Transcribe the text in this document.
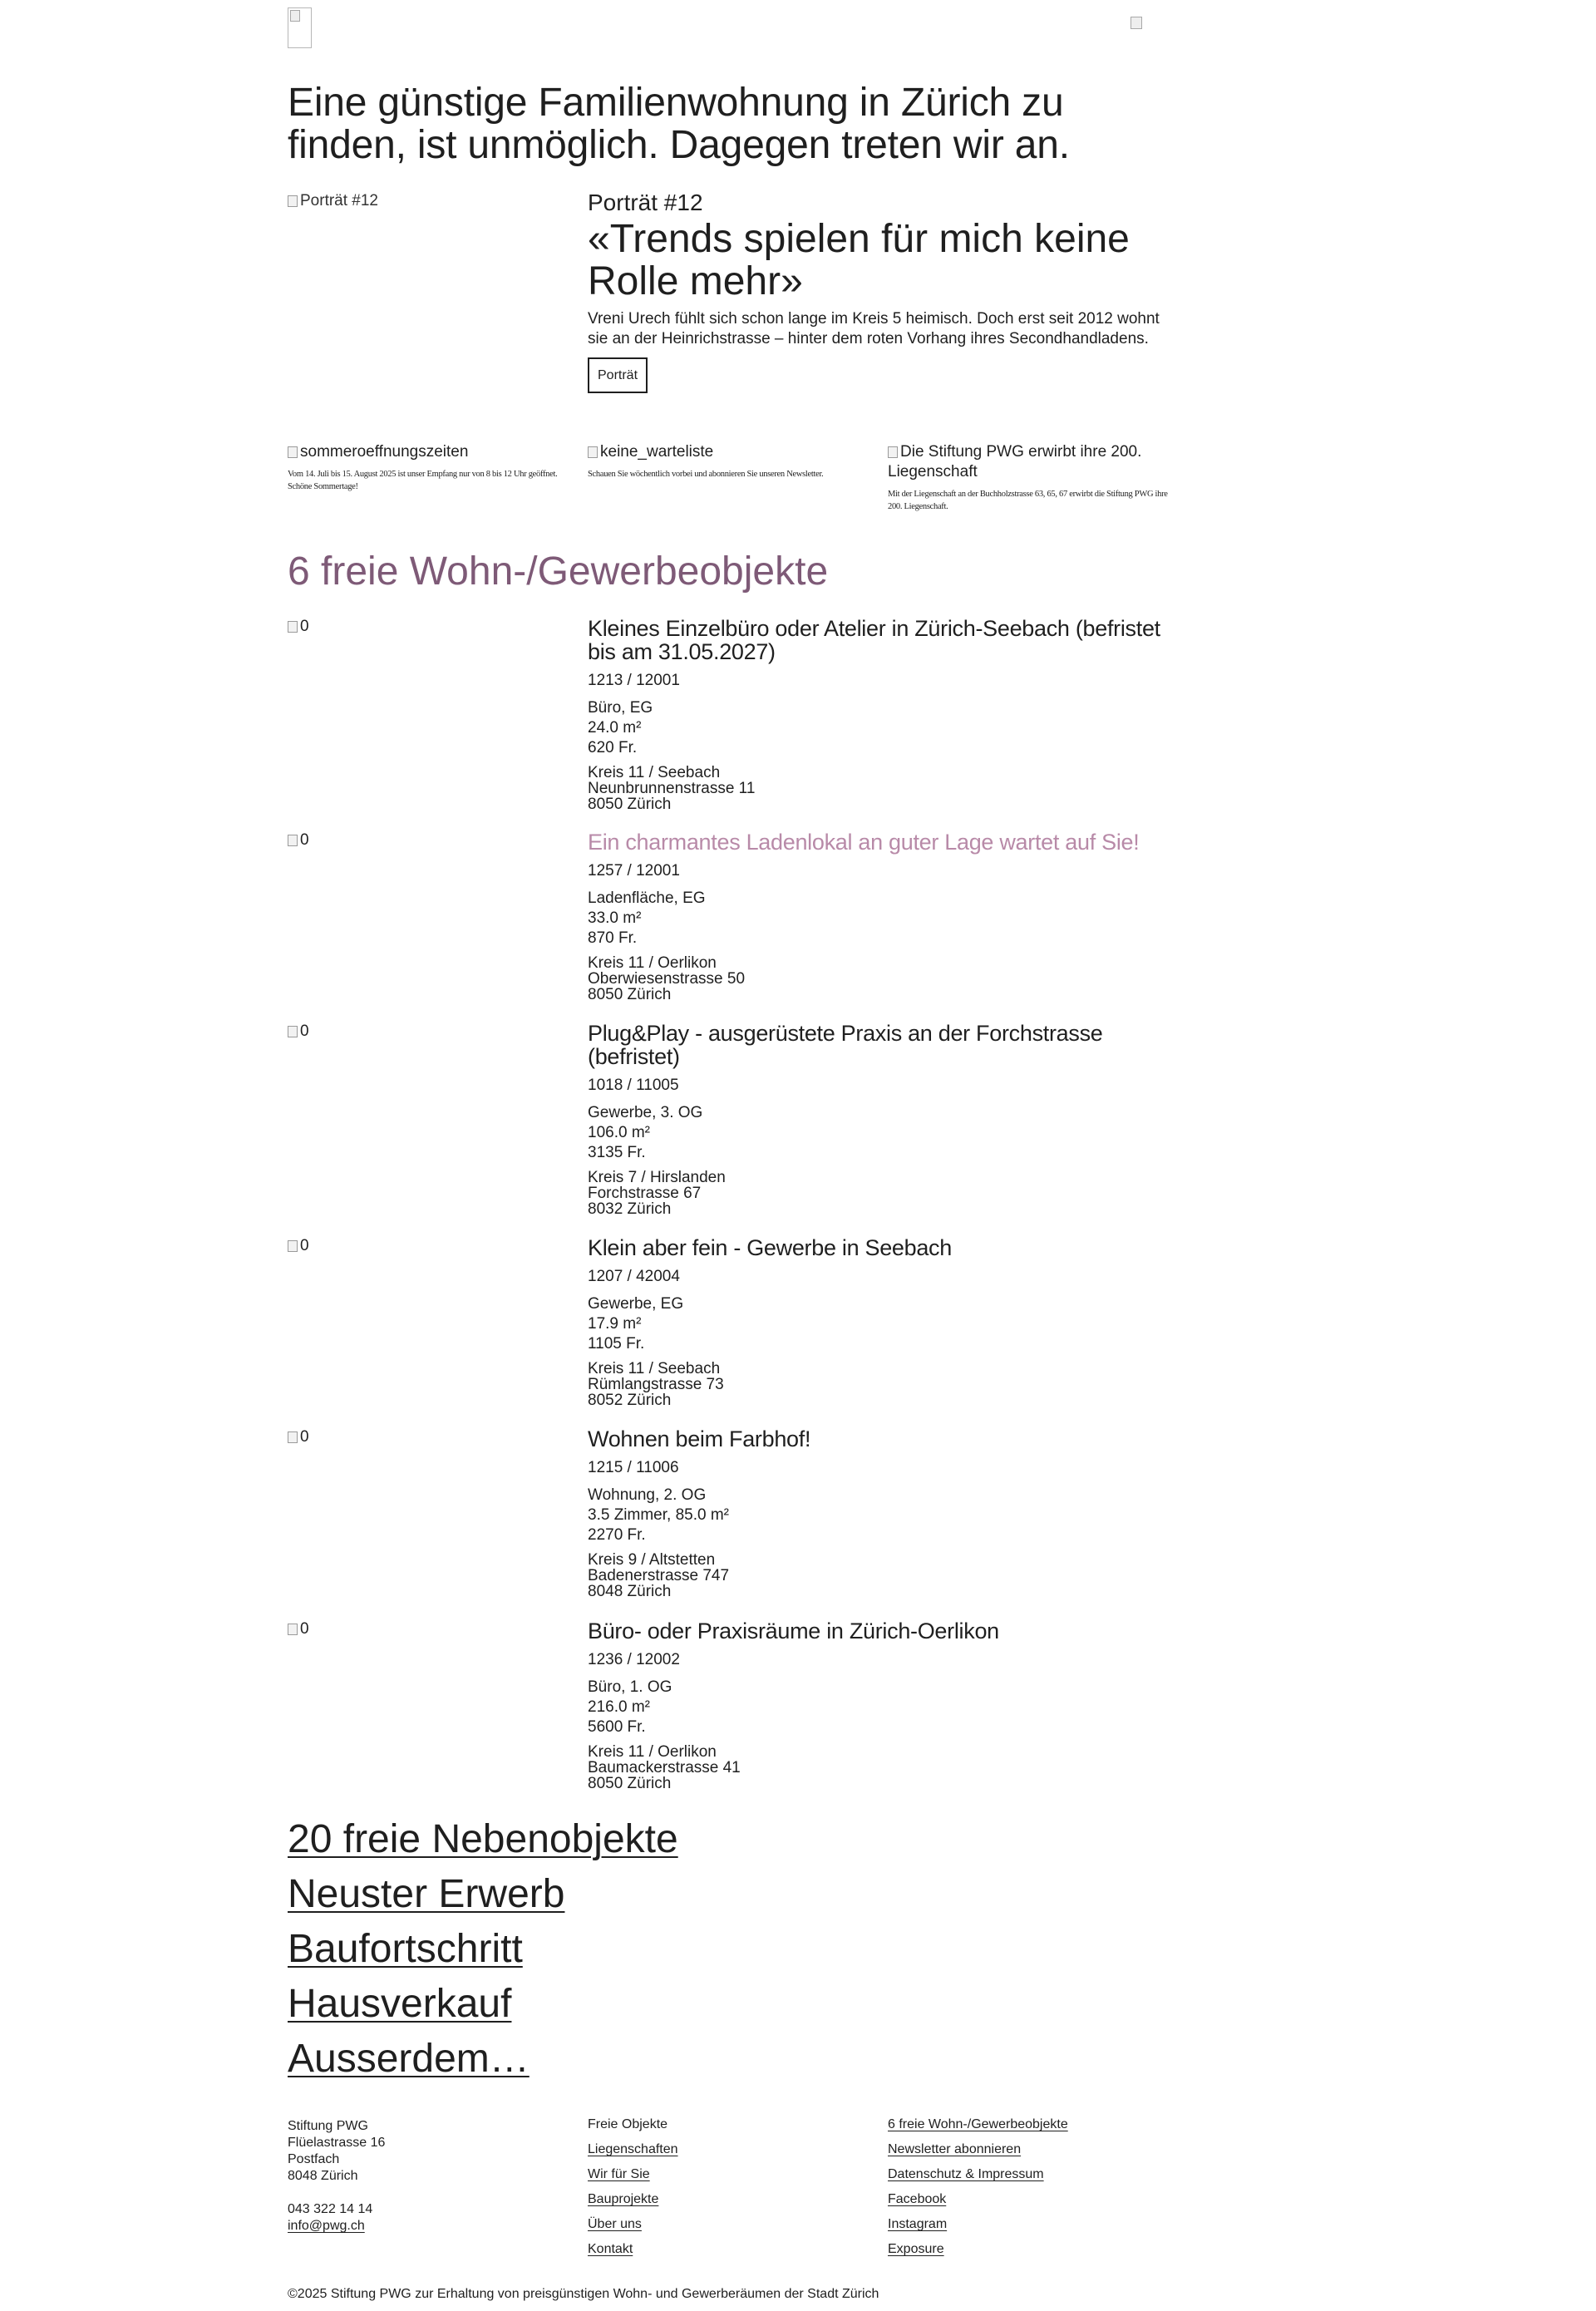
Eine günstige Familienwohnung in Zürich zu finden, ist unmöglich. Dagegen treten wir an.
Porträt #12	Porträt #12
«Trends spielen für mich keine Rolle mehr»

Vreni Urech fühlt sich schon lange im Kreis 5 heimisch. Doch erst seit 2012 wohnt sie an der Heinrichstrasse – hinter dem roten Vorhang ihres Secondhandladens.

Porträt
sommeroeffnungszeiten
Vom 14. Juli bis 15. August 2025 ist unser Empfang nur von 8 bis 12 Uhr geöffnet. Schöne Sommertage!
keine_warteliste
Schauen Sie wöchentlich vorbei und abonnieren Sie unseren Newsletter.
Die Stiftung PWG erwirbt ihre 200. Liegenschaft
Mit der Liegenschaft an der Buchholzstrasse 63, 65, 67 erwirbt die Stiftung PWG ihre 200. Liegenschaft.
6 freie Wohn-/Gewerbeobjekte
0	Kleines Einzelbüro oder Atelier in Zürich-Seebach (befristet bis am 31.05.2027)
1213 / 12001
Büro, EG
24.0 m²
620 Fr.
Kreis 11 / Seebach
Neunbrunnenstrasse 11
8050 Zürich
0	Ein charmantes Ladenlokal an guter Lage wartet auf Sie!
1257 / 12001
Ladenfläche, EG
33.0 m²
870 Fr.
Kreis 11 / Oerlikon
Oberwiesenstrasse 50
8050 Zürich
0	Plug&Play - ausgerüstete Praxis an der Forchstrasse (befristet)
1018 / 11005
Gewerbe, 3. OG
106.0 m²
3135 Fr.
Kreis 7 / Hirslanden
Forchstrasse 67
8032 Zürich
0	Klein aber fein - Gewerbe in Seebach
1207 / 42004
Gewerbe, EG
17.9 m²
1105 Fr.
Kreis 11 / Seebach
Rümlangstrasse 73
8052 Zürich
0	Wohnen beim Farbhof!
1215 / 11006
Wohnung, 2. OG
3.5 Zimmer, 85.0 m²
2270 Fr.
Kreis 9 / Altstetten
Badenerstrasse 747
8048 Zürich
0	Büro- oder Praxisräume in Zürich-Oerlikon
1236 / 12002
Büro, 1. OG
216.0 m²
5600 Fr.
Kreis 11 / Oerlikon
Baumackerstrasse 41
8050 Zürich
20 freie Nebenobjekte
Neuster Erwerb
Baufortschritt
Hausverkauf
Ausserdem…
Stiftung PWG
Flüelastrasse 16
Postfach
8048 Zürich
043 322 14 14
info@pwg.ch
Freie Objekte
Liegenschaften
Wir für Sie
Bauprojekte
Über uns
Kontakt
6 freie Wohn-/Gewerbeobjekte
Newsletter abonnieren
Datenschutz & Impressum
Facebook
Instagram
Exposure
©2025 Stiftung PWG zur Erhaltung von preisgünstigen Wohn- und Gewerberäumen der Stadt Zürich
